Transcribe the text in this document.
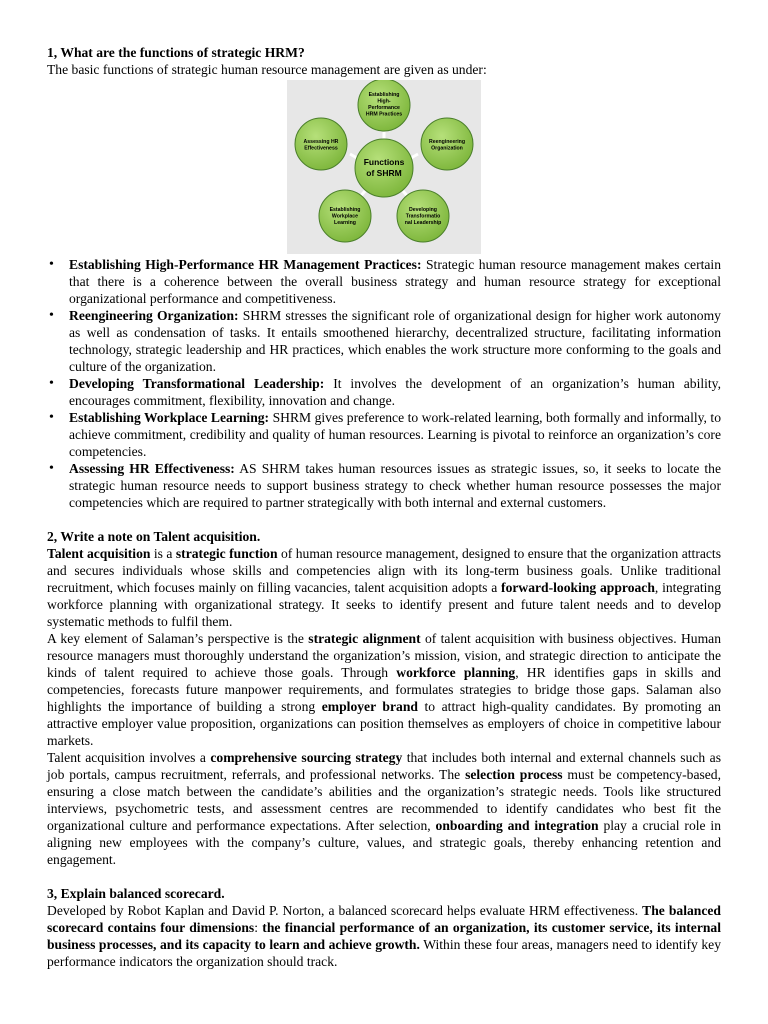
1, What are the functions of strategic HRM?

The basic functions of strategic human resource management are given as under:

Functions
of SHRM
Establishing
High-
Performance
HRM Practices
Reengineering
Organization
Developing
Transformatio
nal Leadership
Establishing
Workplace
Learning
Assessing HR
Effectiveness
• Establishing High-Performance HR Management Practices: Strategic human resource management makes certain that there is a coherence between the overall business strategy and human resource strategy for exceptional organizational performance and competitiveness.
• Reengineering Organization: SHRM stresses the significant role of organizational design for higher work autonomy as well as condensation of tasks. It entails smoothened hierarchy, decentralized structure, facilitating information technology, strategic leadership and HR practices, which enables the work structure more conforming to the goals and culture of the organization.
• Developing Transformational Leadership: It involves the development of an organization’s human ability, encourages commitment, flexibility, innovation and change.
• Establishing Workplace Learning: SHRM gives preference to work-related learning, both formally and informally, to achieve commitment, credibility and quality of human resources. Learning is pivotal to reinforce an organization’s core competencies.
• Assessing HR Effectiveness: AS SHRM takes human resources issues as strategic issues, so, it seeks to locate the strategic human resource needs to support business strategy to check whether human resource possesses the major competencies which are required to partner strategically with both internal and external customers.
2, Write a note on Talent acquisition.

Talent acquisition is a strategic function of human resource management, designed to ensure that the organization attracts and secures individuals whose skills and competencies align with its long-term business goals. Unlike traditional recruitment, which focuses mainly on filling vacancies, talent acquisition adopts a forward-looking approach, integrating workforce planning with organizational strategy. It seeks to identify present and future talent needs and to develop systematic methods to fulfil them.

A key element of Salaman’s perspective is the strategic alignment of talent acquisition with business objectives. Human resource managers must thoroughly understand the organization’s mission, vision, and strategic direction to anticipate the kinds of talent required to achieve those goals. Through workforce planning, HR identifies gaps in skills and competencies, forecasts future manpower requirements, and formulates strategies to bridge those gaps. Salaman also highlights the importance of building a strong employer brand to attract high-quality candidates. By promoting an attractive employer value proposition, organizations can position themselves as employers of choice in competitive labour markets.

Talent acquisition involves a comprehensive sourcing strategy that includes both internal and external channels such as job portals, campus recruitment, referrals, and professional networks. The selection process must be competency-based, ensuring a close match between the candidate’s abilities and the organization’s strategic needs. Tools like structured interviews, psychometric tests, and assessment centres are recommended to identify candidates who best fit the organizational culture and performance expectations. After selection, onboarding and integration play a crucial role in aligning new employees with the company’s culture, values, and strategic goals, thereby enhancing retention and engagement.

3, Explain balanced scorecard.

Developed by Robot Kaplan and David P. Norton, a balanced scorecard helps evaluate HRM effectiveness. The balanced scorecard contains four dimensions: the financial performance of an organization, its customer service, its internal business processes, and its capacity to learn and achieve growth. Within these four areas, managers need to identify key performance indicators the organization should track.
